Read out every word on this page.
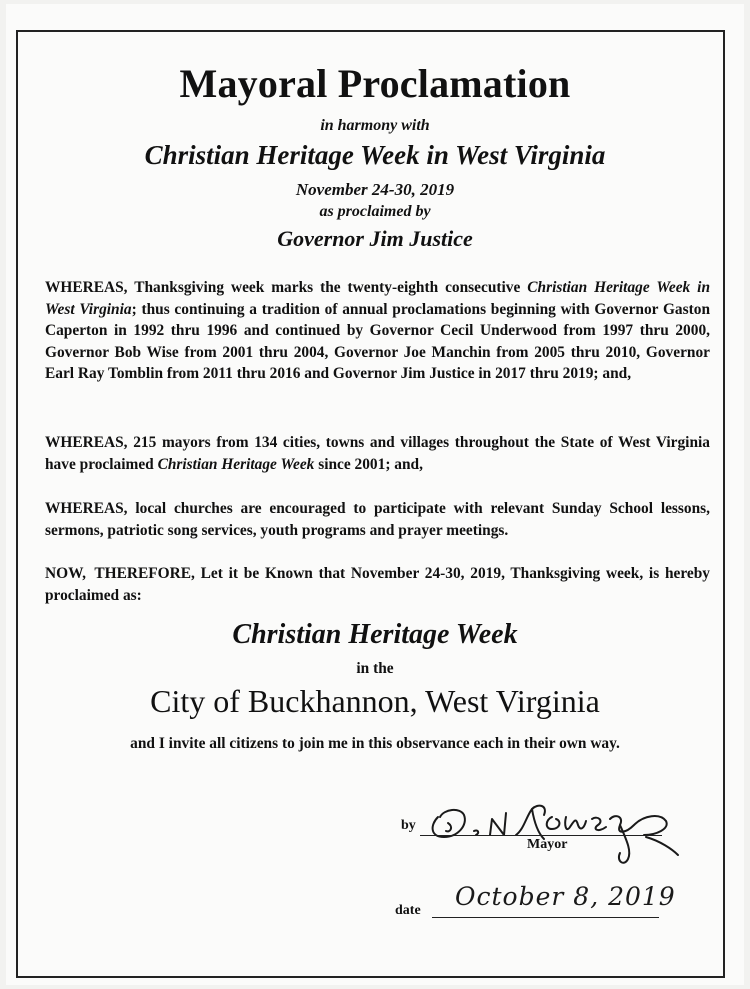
Mayoral Proclamation
in harmony with
Christian Heritage Week in West Virginia
November 24-30, 2019
as proclaimed by
Governor Jim Justice
WHEREAS, Thanksgiving week marks the twenty-eighth consecutive Christian Heritage Week in West Virginia; thus continuing a tradition of annual proclamations beginning with Governor Gaston Caperton in 1992 thru 1996 and continued by Governor Cecil Underwood from 1997 thru 2000, Governor Bob Wise from 2001 thru 2004, Governor Joe Manchin from 2005 thru 2010, Governor Earl Ray Tomblin from 2011 thru 2016 and Governor Jim Justice in 2017 thru 2019; and,
WHEREAS, 215 mayors from 134 cities, towns and villages throughout the State of West Virginia have proclaimed Christian Heritage Week since 2001; and,
WHEREAS, local churches are encouraged to participate with relevant Sunday School lessons, sermons, patriotic song services, youth programs and prayer meetings.
NOW, THEREFORE, Let it be Known that November 24-30, 2019, Thanksgiving week, is hereby proclaimed as:
Christian Heritage Week
in the
City of Buckhannon, West Virginia
and I invite all citizens to join me in this observance each in their own way.
by
Mayor
date October 8, 2019
